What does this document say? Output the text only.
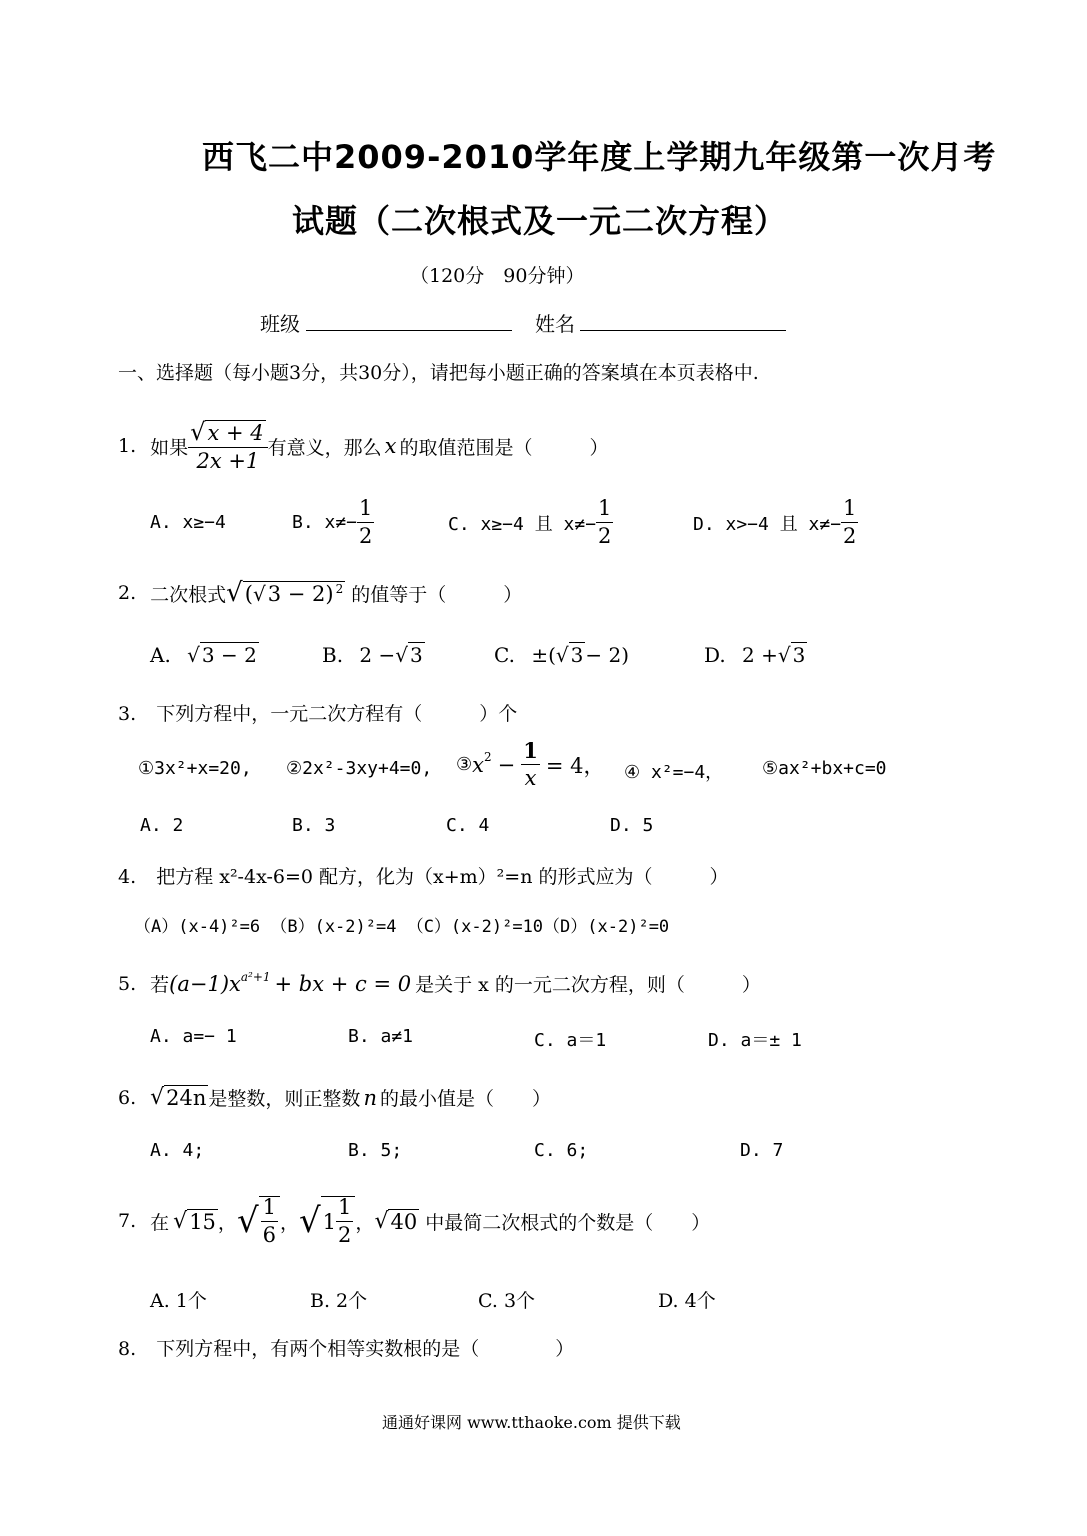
西飞二中2009-2010学年度上学期九年级第一次月考
试题（二次根式及一元二次方程）
（120分　90分钟）
班级	姓名
一、选择题（每小题3分，共30分），请把每小题正确的答案填在本页表格中.
1. 如果 $\frac{√x + 4}{2x +1}$ 有意义，那么 x 的取值范围是（　　　）
A. x≥−4	B. $x\ne- \frac{1}{2}$	C. x≥−4 且 $x\ne- \frac{1}{2}$	D. x>−4 且 $x\ne- \frac{1}{2}$
2. 二次根式 √ (√3 − 2) $^2$ 的值等于（　　　）
A. √ 3 − 2	B. 2 −√ 3	C. ±(√ 3 − 2)	D. 2 +√ 3
3. 下列方程中，一元二次方程有（　　　）个
①3x²+x=20, ②2x²-3xy+4=0, ③ $x^2 - \frac{1}{x} = 4$， ④ x²=−4， ⑤ax²+bx+c=0
A. 2	B. 3	C. 4	D. 5
4. 把方程 x²-4x-6=0 配方，化为（x+m）²=n 的形式应为（　　　）
（A）(x-4)²=6 （B）(x-2)²=4 （C）(x-2)²=10（D）(x-2)²=0
5. 若 $(a-1)x^{a^2+1}$ + bx + c = 0 是关于 x 的一元二次方程，则（　　　）
A. a=− 1	B. a≠1	C. a＝1	D. a＝± 1
6. √ 24n 是整数，则正整数 n 的最小值是（　　）
A. 4;	B. 5;	C. 6;	D. 7
7. 在 √ 15 ， √ $\frac{1}{6}$ ， √ $1 \frac{1}{2}$ ， √ 40 中最简二次根式的个数是（　　）
A. 1个	B. 2个	C. 3个	D. 4个
8. 下列方程中，有两个相等实数根的是（　　　　）
通通好课网 www.tthaoke.com 提供下载
